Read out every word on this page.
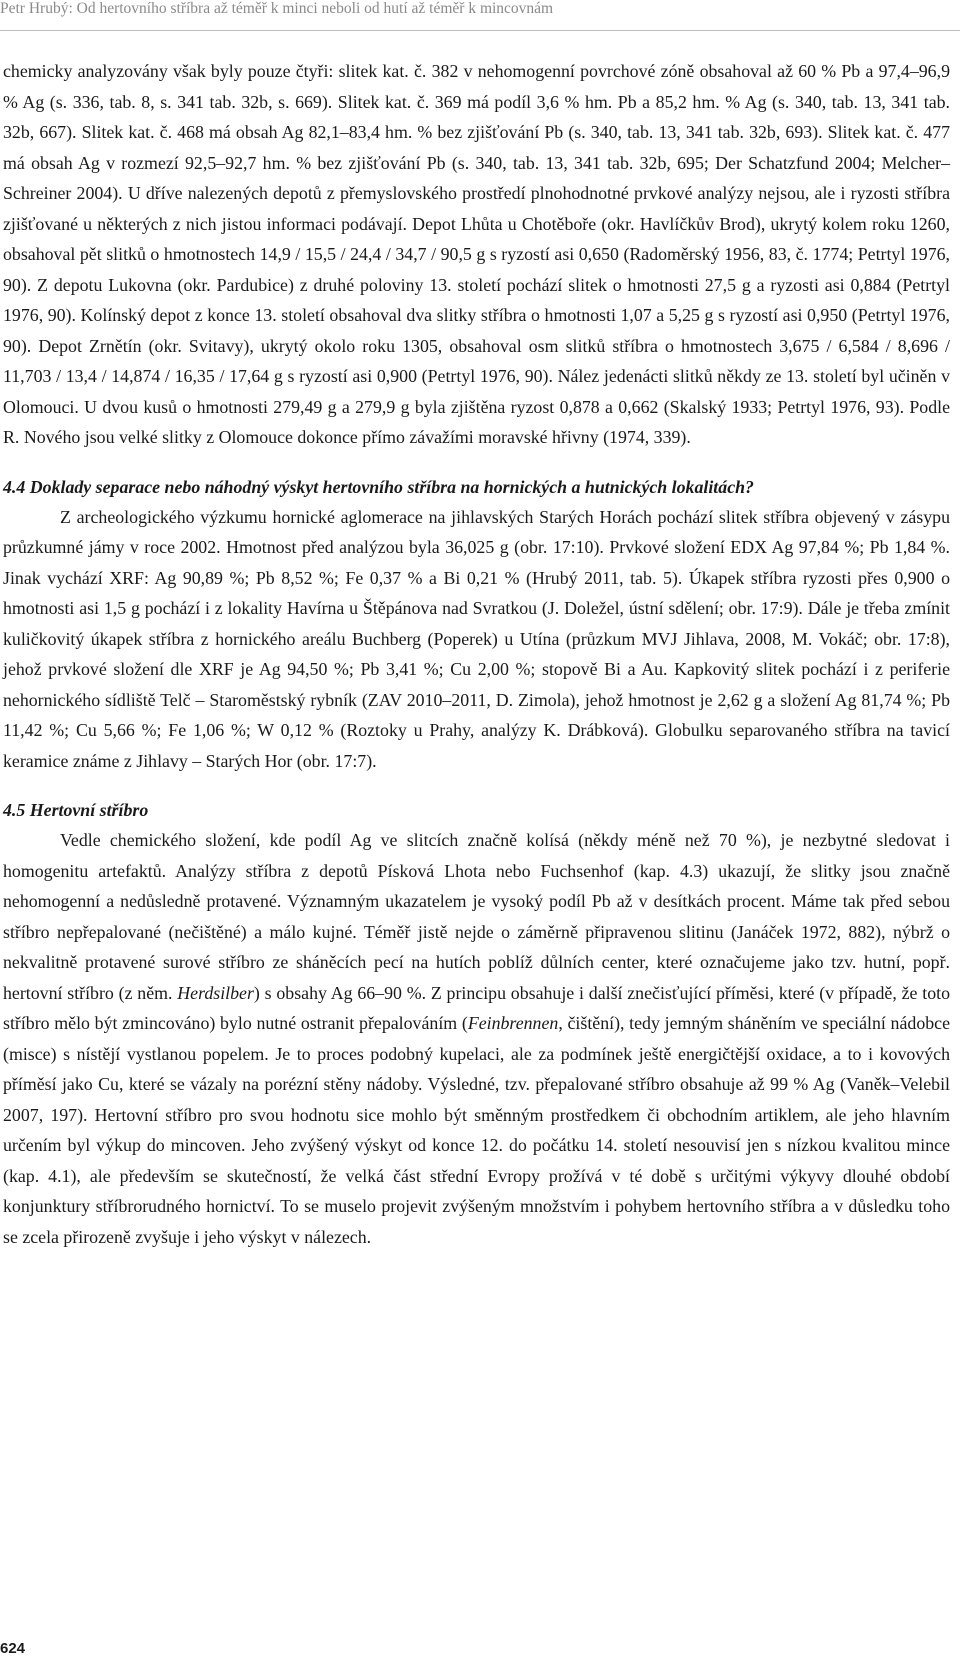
Petr Hrubý: Od hertovního stříbra až téměř k minci neboli od hutí až téměř k mincovnám

chemicky analyzovány však byly pouze čtyři: slitek kat. č. 382 v nehomogenní povrchové zóně obsahoval až 60 % Pb a 97,4–96,9 % Ag (s. 336, tab. 8, s. 341 tab. 32b, s. 669). Slitek kat. č. 369 má podíl 3,6 % hm. Pb a 85,2 hm. % Ag (s. 340, tab. 13, 341 tab. 32b, 667). Slitek kat. č. 468 má obsah Ag 82,1–83,4 hm. % bez zjišťování Pb (s. 340, tab. 13, 341 tab. 32b, 693). Slitek kat. č. 477 má obsah Ag v rozmezí 92,5–92,7 hm. % bez zjišťování Pb (s. 340, tab. 13, 341 tab. 32b, 695; Der Schatzfund 2004; Melcher–Schreiner 2004). U dříve nalezených depotů z přemyslovského prostředí plnohodnotné prvkové analýzy nejsou, ale i ryzosti stříbra zjišťované u některých z nich jistou informaci podávají. Depot Lhůta u Chotěboře (okr. Havlíčkův Brod), ukrytý kolem roku 1260, obsahoval pět slitků o hmotnostech 14,9 / 15,5 / 24,4 / 34,7 / 90,5 g s ryzostí asi 0,650 (Radoměrský 1956, 83, č. 1774; Petrtyl 1976, 90). Z depotu Lukovna (okr. Pardubice) z druhé poloviny 13. století pochází slitek o hmotnosti 27,5 g a ryzosti asi 0,884 (Petrtyl 1976, 90). Kolínský depot z konce 13. století obsahoval dva slitky stříbra o hmotnosti 1,07 a 5,25 g s ryzostí asi 0,950 (Petrtyl 1976, 90). Depot Zrnětín (okr. Svitavy), ukrytý okolo roku 1305, obsahoval osm slitků stříbra o hmotnostech 3,675 / 6,584 / 8,696 / 11,703 / 13,4 / 14,874 / 16,35 / 17,64 g s ryzostí asi 0,900 (Petrtyl 1976, 90). Nález jedenácti slitků někdy ze 13. století byl učiněn v Olomouci. U dvou kusů o hmotnosti 279,49 g a 279,9 g byla zjištěna ryzost 0,878 a 0,662 (Skalský 1933; Petrtyl 1976, 93). Podle R. Nového jsou velké slitky z Olomouce dokonce přímo závažími moravské hřivny (1974, 339).

4.4 Doklady separace nebo náhodný výskyt hertovního stříbra na hornických a hutnických lokalitách?

Z archeologického výzkumu hornické aglomerace na jihlavských Starých Horách pochází slitek stříbra objevený v zásypu průzkumné jámy v roce 2002. Hmotnost před analýzou byla 36,025 g (obr. 17:10). Prvkové složení EDX Ag 97,84 %; Pb 1,84 %. Jinak vychází XRF: Ag 90,89 %; Pb 8,52 %; Fe 0,37 % a Bi 0,21 % (Hrubý 2011, tab. 5). Úkapek stříbra ryzosti přes 0,900 o hmotnosti asi 1,5 g pochází i z lokality Havírna u Štěpánova nad Svratkou (J. Doležel, ústní sdělení; obr. 17:9). Dále je třeba zmínit kuličkovitý úkapek stříbra z hornického areálu Buchberg (Poperek) u Utína (průzkum MVJ Jihlava, 2008, M. Vokáč; obr. 17:8), jehož prvkové složení dle XRF je Ag 94,50 %; Pb 3,41 %; Cu 2,00 %; stopově Bi a Au. Kapkovitý slitek pochází i z periferie nehornického sídliště Telč – Staroměstský rybník (ZAV 2010–2011, D. Zimola), jehož hmotnost je 2,62 g a složení Ag 81,74 %; Pb 11,42 %; Cu 5,66 %; Fe 1,06 %; W 0,12 % (Roztoky u Prahy, analýzy K. Drábková). Globulku separovaného stříbra na tavicí keramice známe z Jihlavy – Starých Hor (obr. 17:7).

4.5 Hertovní stříbro

Vedle chemického složení, kde podíl Ag ve slitcích značně kolísá (někdy méně než 70 %), je nezbytné sledovat i homogenitu artefaktů. Analýzy stříbra z depotů Písková Lhota nebo Fuchsenhof (kap. 4.3) ukazují, že slitky jsou značně nehomogenní a nedůsledně protavené. Významným ukazatelem je vysoký podíl Pb až v desítkách procent. Máme tak před sebou stříbro nepřepalované (nečištěné) a málo kujné. Téměř jistě nejde o záměrně připravenou slitinu (Janáček 1972, 882), nýbrž o nekvalitně protavené surové stříbro ze sháněcích pecí na hutích poblíž důlních center, které označujeme jako tzv. hutní, popř. hertovní stříbro (z něm. Herdsilber) s obsahy Ag 66–90 %. Z principu obsahuje i další znečisťující příměsi, které (v případě, že toto stříbro mělo být zmincováno) bylo nutné ostranit přepalováním (Feinbrennen, čištění), tedy jemným sháněním ve speciální nádobce (misce) s nístějí vystlanou popelem. Je to proces podobný kupelaci, ale za podmínek ještě energičtější oxidace, a to i kovových příměsí jako Cu, které se vázaly na porézní stěny nádoby. Výsledné, tzv. přepalované stříbro obsahuje až 99 % Ag (Vaněk–Velebil 2007, 197). Hertovní stříbro pro svou hodnotu sice mohlo být směnným prostředkem či obchodním artiklem, ale jeho hlavním určením byl výkup do mincoven. Jeho zvýšený výskyt od konce 12. do počátku 14. století nesouvisí jen s nízkou kvalitou mince (kap. 4.1), ale především se skutečností, že velká část střední Evropy prožívá v té době s určitými výkyvy dlouhé období konjunktury stříbrorudného hornictví. To se muselo projevit zvýšeným množstvím i pohybem hertovního stříbra a v důsledku toho se zcela přirozeně zvyšuje i jeho výskyt v nálezech.

624
